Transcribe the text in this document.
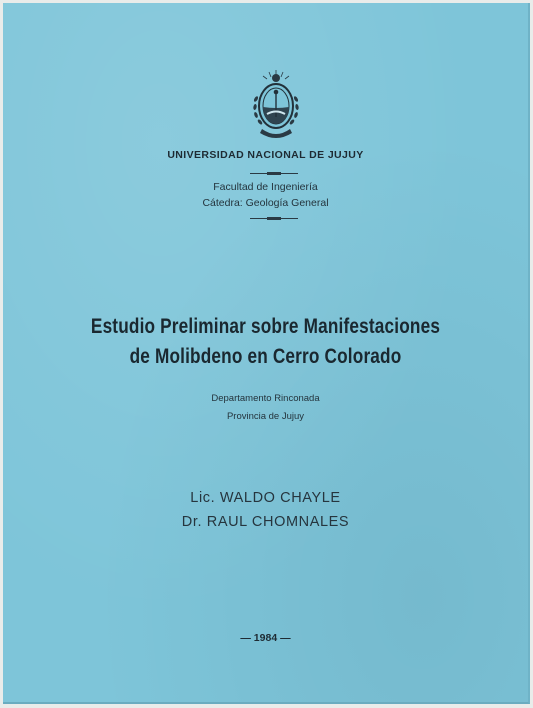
UNIVERSIDAD NACIONAL DE JUJUY
Facultad de Ingeniería
Cátedra: Geología General
Estudio Preliminar sobre Manifestaciones
de Molibdeno en Cerro Colorado
Departamento Rinconada
Provincia de Jujuy
Lic. WALDO CHAYLE
Dr. RAUL CHOMNALES
— 1984 —
